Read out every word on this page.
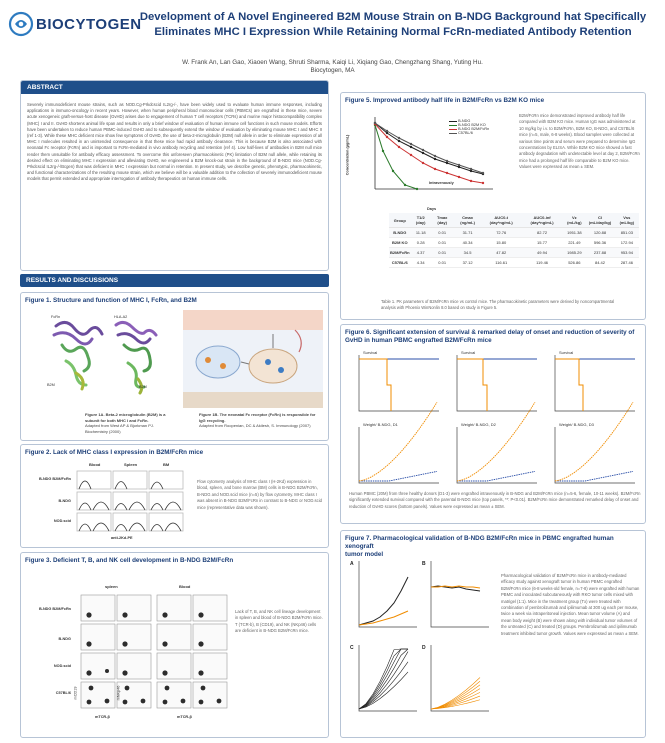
BIOCYTOGEN
Development of A Novel Engineered B2M Mouse Strain on B-NDG Background hat Specifically
Eliminates MHC I Expression While Retaining Normal FcRn-mediated Antibody Retention
W. Frank An, Lan Gao, Xiaoen Wang, Shruti Sharma, Kaiqi Li, Xiqiang Gao, Chengzhang Shang, Yuting Hu.
Biocytogen, MA
ABSTRACT
Severely immunodeficient mouse strains, such as NOD.Cg-Prkdcscid IL2rg-/-, have been widely used to evaluate human immune responses, including applications in immuno-oncology in recent years. However, when human peripheral blood mononuclear cells (PBMCs) are engrafted in these mice, severe acute xenogeneic graft-versus-host disease (GvHD) arises due to engagement of human T cell receptors (TCRs) and murine major histocompatibility complex (MHC) I and II. GvHD shortens animal life span and results in only a brief window of evaluation of human immune cell functions in such mouse models. Efforts have been undertaken to reduce human PBMC-induced GvHD and to subsequently extend the window of evaluation by eliminating mouse MHC I and MHC II (ref 1-3). While these MHC deficient mice show few symptoms of GvHD, the use of beta-2-microglobulin (B2M) null allele in order to eliminate expression of all MHC I molecules resulted in an unintended consequence in that these mice had rapid antibody clearance. This is because B2M is also associated with neonatal Fc receptor (FcRn) and is important to FcRn-mediated in vivo antibody recycling and retention (ref 4). Low half-lives of antibodies in B2M null mice render them unsuitable for antibody efficacy assessment. To overcome this unforeseen pharmacokinetic (PK) limitation of B2M null allele, while retaining its desired effect on eliminating MHC I expression and alleviating GvHD, we engineered a B2M knock-out strain in the background of B-NDG mice (NOD.Cg-Prkdcscid IL2rg-/-/Bcgen) that was deficient in MHC I expression but normal in retention. In present study, we describe genetic, phenotypic, pharmacokinetic, and functional characterizations of the resulting mouse strain, which we believe will be a valuable addition to the collection of severely immunodeficient mouse models that permit extended and appropriate interrogation of antibody therapeutics on human immune cells.
RESULTS AND DISCUSSIONS
Figure 1. Structure and function of MHC I, FcRn, and B2M
FcRn	HLA-A2
B2M	B2M
Figure 1A. Beta-2 microglobulin (B2M) is a subunit for both MHC I and FcRn.
Adapted from West AP & Bjorkman PJ. Biochemistry (2000)
Figure 1B. The neonatal Fc receptor (FcRn) is responsible for IgG recycling.
Adapted from Roopenian, DC & Akilesh, S. Immunology (2007)
Figure 2. Lack of MHC class I expression in B2M/FcRn mice
Blood	Spleen	BM
B-NDG B2M/FcRn
B-NDG
NOD.scid
anti-2Kd-PE
Flow cytometry analysis of MHC class I (H-2Kd) expression in blood, spleen, and bone marrow (BM) cells in B-NDG B2M/FcRn, B-NDG and NOD.scid mice (n=5) by flow cytometry. MHC class I was absent in B-NDG B2M/FcRn in contrast to B-NDG or NOD.scid mice (representative data was shown).
Figure 3. Deficient T, B, and NK cell development in B-NDG B2M/FcRn
spleen	Blood
B-NDG B2M/FcRn
B-NDG
NOD.scid
C57BL/6 mCD19	mNKp46
mTCR-β	mTCR-β
Lack of T, B, and NK cell lineage development in spleen and blood of B-NDG B2M/FcRn mice. T (TCR-b), B (CD19), and NK (NKp46) cells are deficient in B-NDG B2M/FcRn mice.
Figure 5. Improved antibody half life in B2M/FcRn vs B2M KO mice
Concentration (µg/mL)
Days
Intravenously
B-NDG
B-NDG B2M KO
B-NDG B2M/FcRn
C57BL/6
B2M/FcRn mice demonstrated improved antibody half life compared with B2M KO mice. Human IgG was administered at 10 mg/kg by i.v. to B2M/FcRn, B2M KO, B-NDG, and C57BL/6 mice (n=5, male, 6-8 weeks). Blood samples were collected at various time points and serum were prepared to determine IgG concentrations by ELISA. While B2M KO mice showed a fast antibody degradation with undetectable level at day 2, B2M/FcRn mice had a prolonged half life comparable to B2M KO mice. Values were expressed as mean ± SEM.
Group	T1/2 (day)	Tmax (day)	Cmax (ng/mL)	AUC0-t (day*ng/mL)	AUC0-inf (day*ng/mL)	Vz (mL/kg)	Cl (mL/day/kg)	Vss (mL/kg)
B-NDG	11.18	0.01	31.71	72.76	82.72	1951.38	120.88	851.03
B2M KO	0.28	0.01	40.34	15.80	15.77	221.49	596.36	172.94
B2M/FcRn	4.37	0.01	34.5	47.82	49.94	1985.29	237.88	953.94
C57BL/6	4.34	0.01	37.12	116.61	119.46	526.86	84.42	287.46
Table 1. PK parameters of B2M/FcRn mice vs control mice. The pharmacokinetic parameters were derived by noncompartmental analysis with Phoenix WinNonlin 8.0 based on study in Figure 5.
Figure 6. Significant extension of survival & remarked delay of onset and reduction of severity of
GvHD in human PBMC engrafted B2M/FcRn mice
Survival	Survival	Survival
Weight/ B-NDG, D1	Weight/ B-NDG, D2	Weight/ B-NDG, D3
Human PBMC (20M) from three healthy donors (D1-3) were engrafted intravenously in B-NDG and B2M/FcRn mice (n=5-6, female, 10-11 weeks). B2M/FcRn significantly extended survival compared with the parental B-NDG mice (top panels, **: P<0.01). B2M/FcRn mice demonstrated remarked delay of onset and reduction of GvHD scores (bottom panels). Values were expressed as mean ± SEM.
Figure 7. Pharmacological validation of B-NDG B2M/FcRn mice in PBMC engrafted human xenograft
tumor model
A	B
C	D
Pharmacological validation of B2M/FcRn mice in antibody-mediated efficacy study against xenograft tumor in human PBMC engrafted B2M/FcRn mice (6-8 weeks-old female, n=7-8) were engrafted with human PBMC and inoculated subcutaneously with RKO tumor cells mixed with matrigel (1:1). Mice in the treatment group (Tx) were treated with combination of pembrolizumab and ipilimumab at 300 ug each per mouse, twice a week via intraperitoneal injection. Mean tumor volume (A) and mean body weight (B) were shown along with individual tumor volumes of the untreated (C) and treated (D) groups. Pembrolizumab and ipilimumab treatment inhibited tumor growth. Values were expressed as mean ± SEM.
